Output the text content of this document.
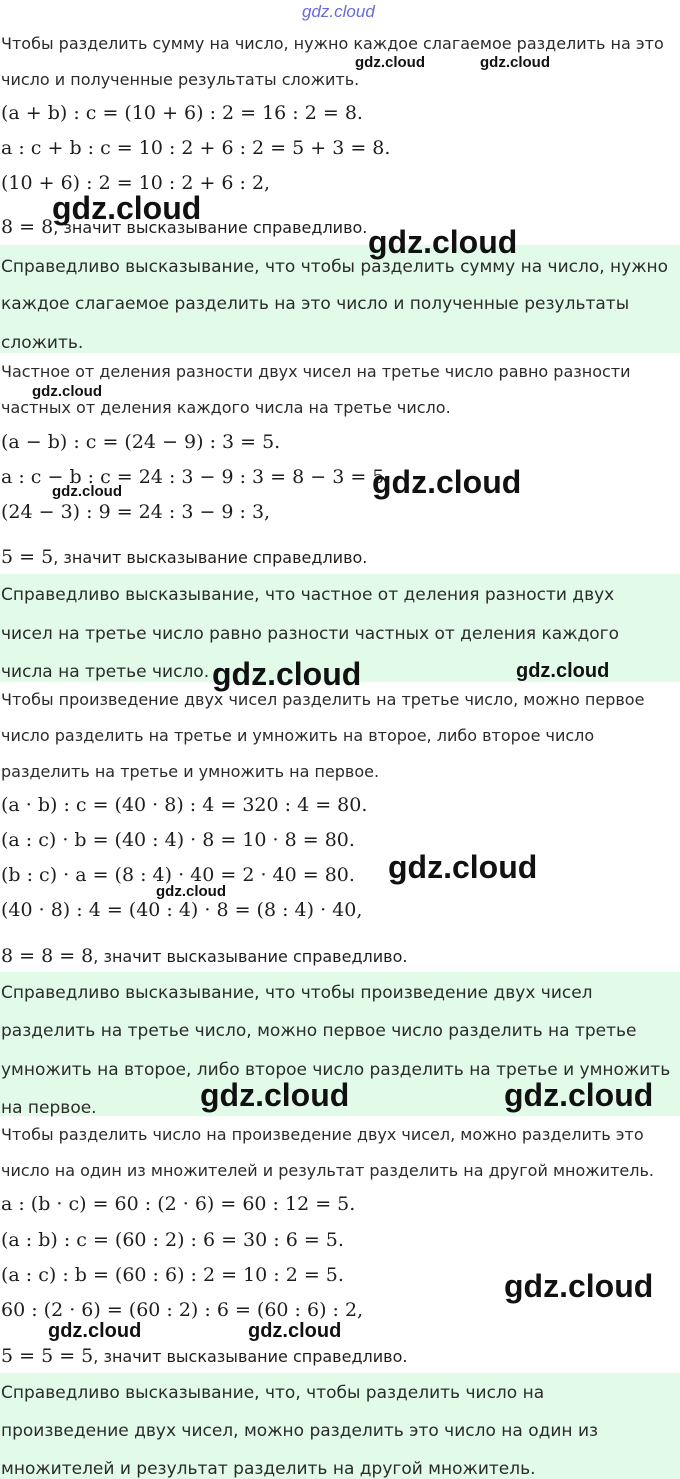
gdz.cloud
Чтобы разделить сумму на число, нужно каждое слагаемое разделить на это
число и полученные результаты сложить.
gdz.cloud	gdz.cloud
(a + b) : c = (10 + 6) : 2 = 16 : 2 = 8.
a : c + b : c = 10 : 2 + 6 : 2 = 5 + 3 = 8.
(10 + 6) : 2 = 10 : 2 + 6 : 2,
8 = 8, значит высказывание справедливо.
gdz.cloud
Справедливо высказывание, что чтобы разделить сумму на число, нужно
каждое слагаемое разделить на это число и полученные результаты
сложить.
gdz.cloud
Частное от деления разности двух чисел на третье число равно разности
частных от деления каждого числа на третье число.
gdz.cloud
(a − b) : c = (24 − 9) : 3 = 5.
a : c − b : c = 24 : 3 − 9 : 3 = 8 − 3 = 5.
gdz.cloud
(24 − 3) : 9 = 24 : 3 − 9 : 3,
gdz.cloud
5 = 5, значит высказывание справедливо.
Справедливо высказывание, что частное от деления разности двух
чисел на третье число равно разности частных от деления каждого
числа на третье число. gdz.cloud	gdz.cloud
Чтобы произведение двух чисел разделить на третье число, можно первое
число разделить на третье и умножить на второе, либо второе число
разделить на третье и умножить на первое.
(a · b) : c = (40 · 8) : 4 = 320 : 4 = 80.
(a : c) · b = (40 : 4) · 8 = 10 · 8 = 80.
(b : c) · a = (8 : 4) · 40 = 2 · 40 = 80.
gdz.cloud
(40 · 8) : 4 = (40 : 4) · 8 = (8 : 4) · 40,
gdz.cloud
8 = 8 = 8, значит высказывание справедливо.
Справедливо высказывание, что чтобы произведение двух чисел
разделить на третье число, можно первое число разделить на третье
умножить на второе, либо второе число разделить на третье и умножить
на первое.	gdz.cloud	gdz.cloud
Чтобы разделить число на произведение двух чисел, можно разделить это
число на один из множителей и результат разделить на другой множитель.
a : (b · c) = 60 : (2 · 6) = 60 : 12 = 5.
(a : b) : c = (60 : 2) : 6 = 30 : 6 = 5.
(a : c) : b = (60 : 6) : 2 = 10 : 2 = 5.
60 : (2 · 6) = (60 : 2) : 6 = (60 : 6) : 2,
gdz.cloud
gdz.cloud	gdz.cloud
5 = 5 = 5, значит высказывание справедливо.
Справедливо высказывание, что, чтобы разделить число на
произведение двух чисел, можно разделить это число на один из
множителей и результат разделить на другой множитель.
